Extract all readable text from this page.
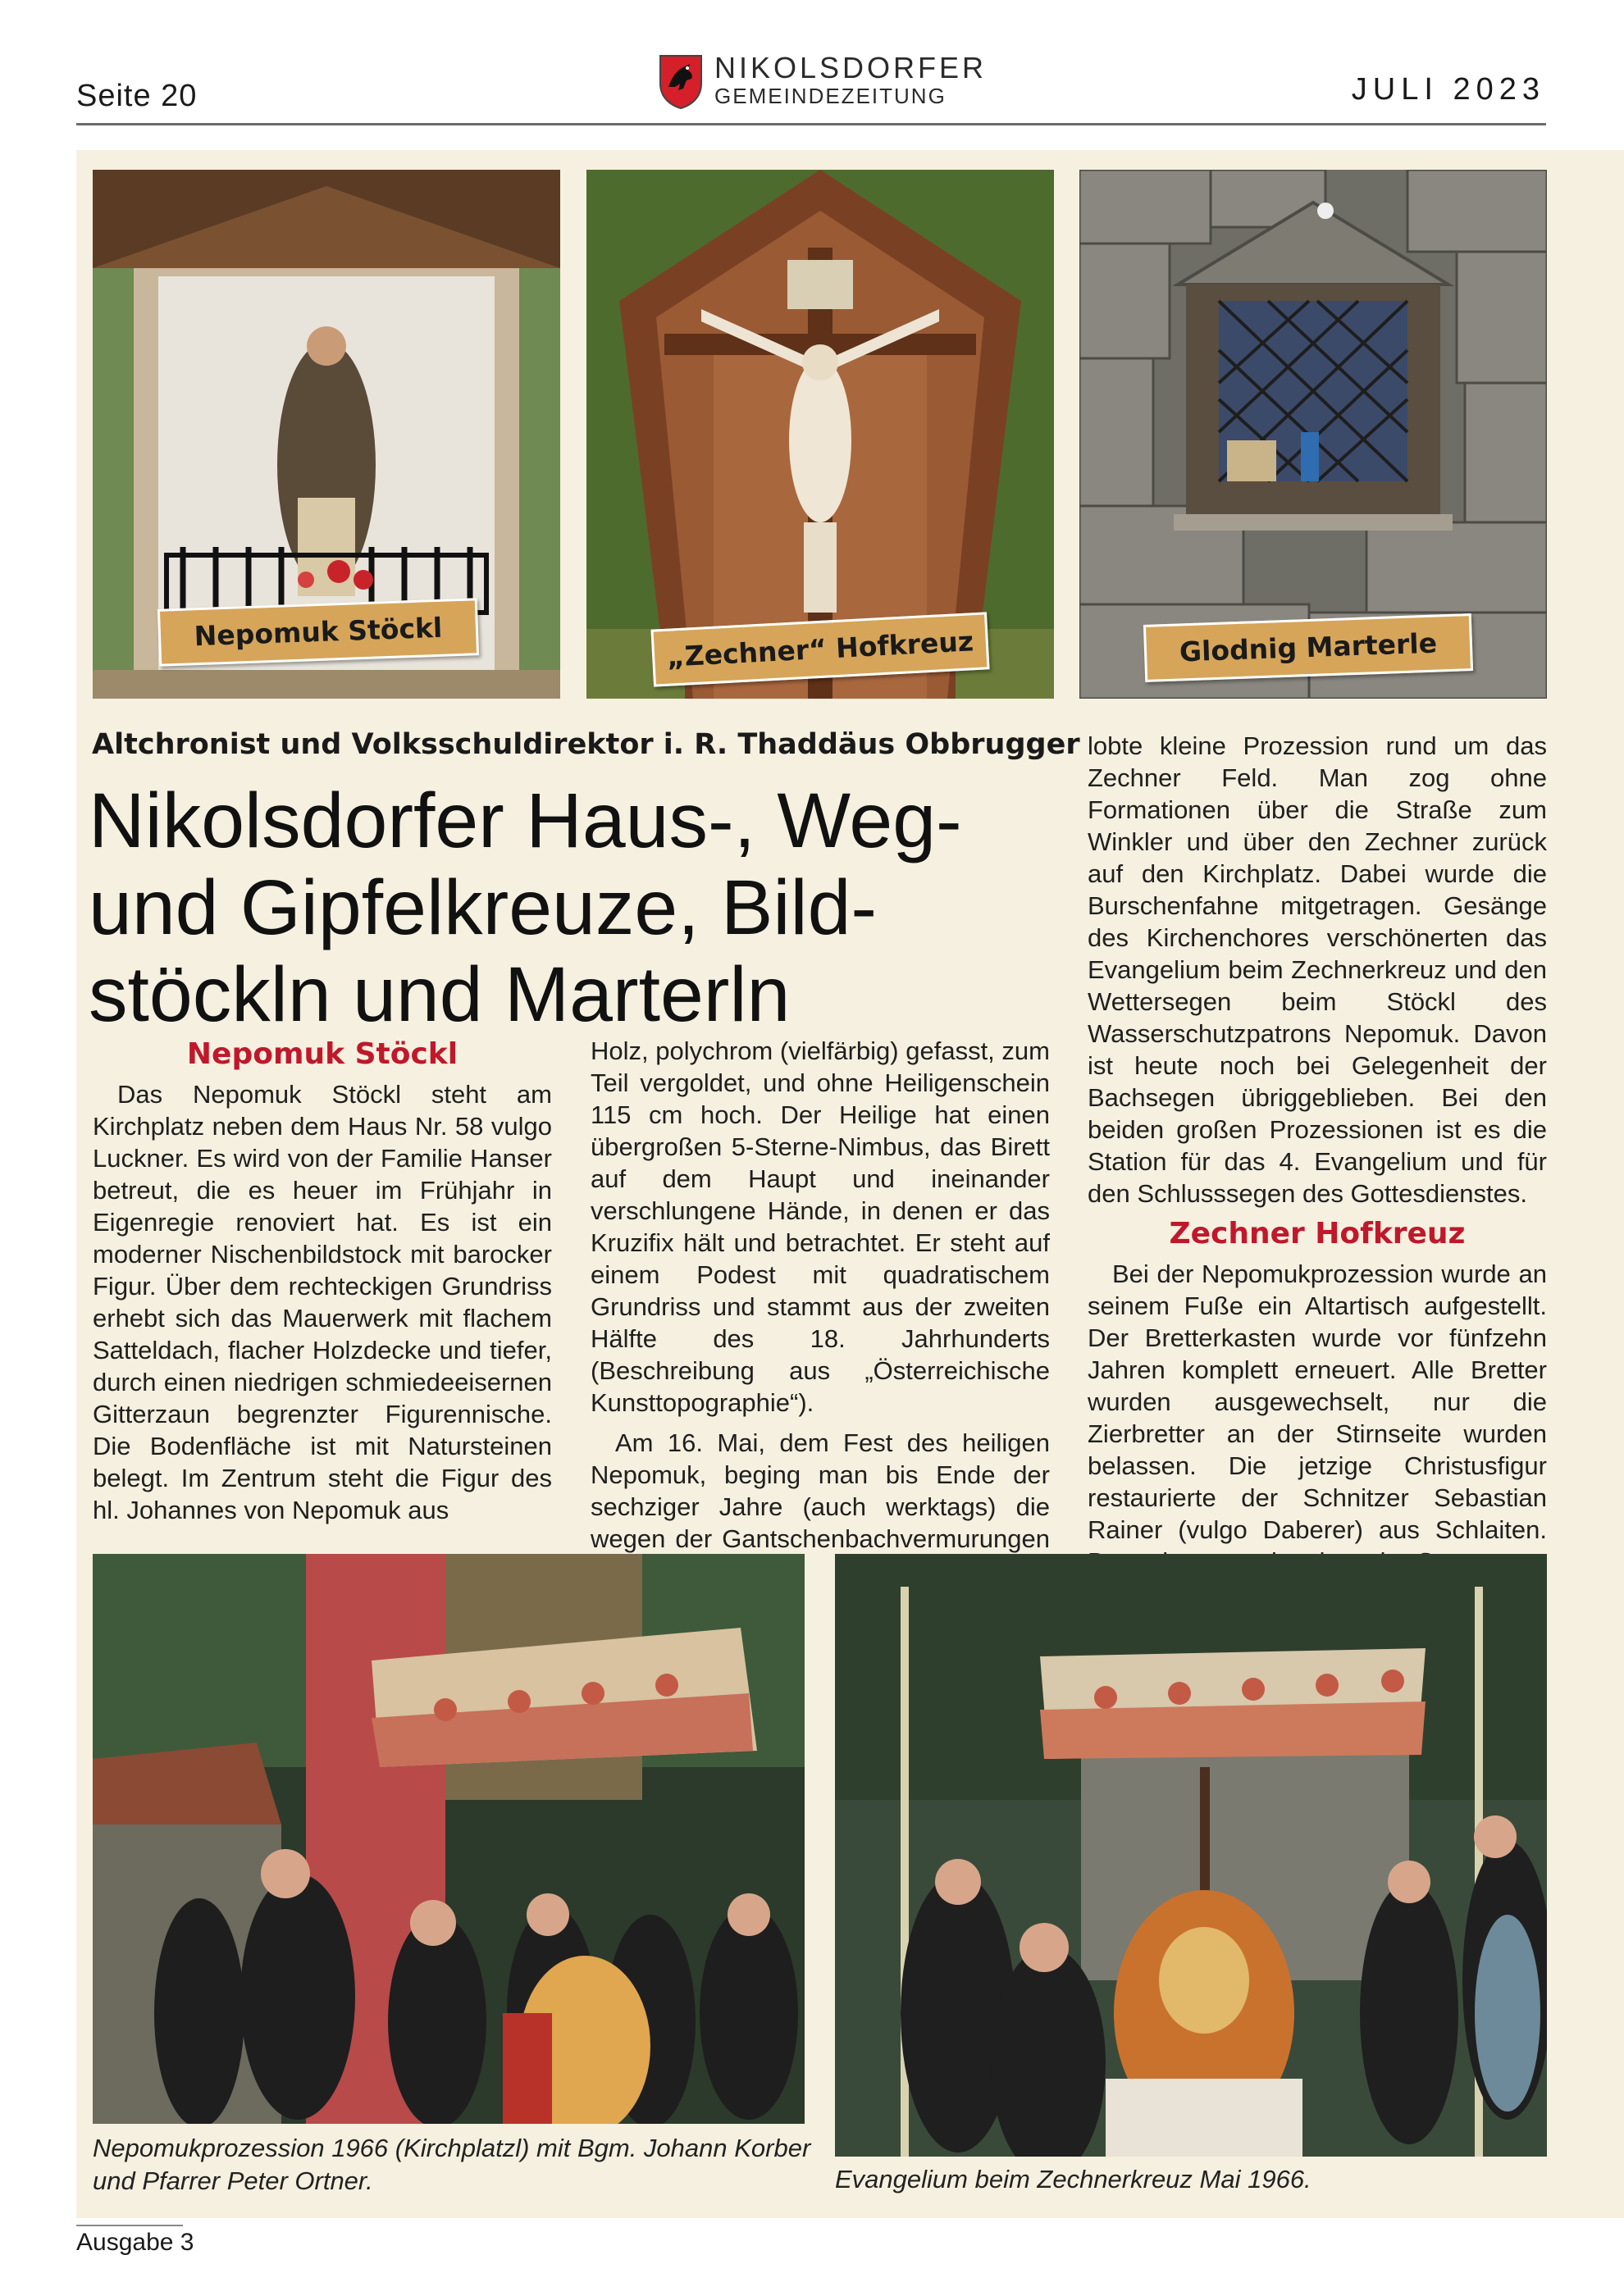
Seite 20
NIKOLSDORFER
GEMEINDEZEITUNG	JULI 2023
Nepomuk Stöckl	„Zechner“ Hofkreuz	Glodnig Marterle
Altchronist und Volksschuldirektor i. R. Thaddäus Obbrugger
Nikolsdorfer Haus-, Weg- und Gipfelkreuze, Bildstöckln und Marterln
Nepomuk Stöckl

Das Nepomuk Stöckl steht am Kirchplatz neben dem Haus Nr. 58 vulgo Luckner. Es wird von der Familie Hanser betreut, die es heuer im Frühjahr in Eigenregie renoviert hat. Es ist ein moderner Nischenbildstock mit barocker Figur. Über dem rechteckigen Grundriss erhebt sich das Mauerwerk mit flachem Satteldach, flacher Holzdecke und tiefer, durch einen niedrigen schmiedeeisernen Gitterzaun begrenzter Figurennische. Die Bodenfläche ist mit Natursteinen belegt. Im Zentrum steht die Figur des hl. Johannes von Nepomuk aus

Holz, polychrom (vielfärbig) gefasst, zum Teil vergoldet, und ohne Heiligenschein 115 cm hoch. Der Heilige hat einen übergroßen 5-Sterne-Nimbus, das Birett auf dem Haupt und ineinander verschlungene Hände, in denen er das Kruzifix hält und betrachtet. Er steht auf einem Podest mit quadratischem Grundriss und stammt aus der zweiten Hälfte des 18. Jahrhunderts (Beschreibung aus „Österreichische Kunsttopographie“).

Am 16. Mai, dem Fest des heiligen Nepomuk, beging man bis Ende der sechziger Jahre (auch werktags) die wegen der Gantschenbachvermurungen

lobte kleine Prozession rund um das Zechner Feld. Man zog ohne Formationen über die Straße zum Winkler und über den Zechner zurück auf den Kirchplatz. Dabei wurde die Burschenfahne mitgetragen. Gesänge des Kirchenchores verschönerten das Evangelium beim Zechnerkreuz und den Wettersegen beim Stöckl des Wasserschutzpatrons Nepomuk. Davon ist heute noch bei Gelegenheit der Bachsegen übriggeblieben. Bei den beiden großen Prozessionen ist es die Station für das 4. Evangelium und für den Schlusssegen des Gottesdienstes.

Zechner Hofkreuz

Bei der Nepomukprozession wurde an seinem Fuße ein Altartisch aufgestellt. Der Bretterkasten wurde vor fünfzehn Jahren komplett erneuert. Alle Bretter wurden ausgewechselt, nur die Zierbretter an der Stirnseite wurden belassen. Die jetzige Christusfigur restaurierte der Schnitzer Sebastian Rainer (vulgo Daberer) aus Schlaiten.

Nepomukprozession 1966 (Kirchplatzl) mit Bgm. Johann Korber und Pfarrer Peter Ortner.	Evangelium beim Zechnerkreuz Mai 1966.
Ausgabe 3
